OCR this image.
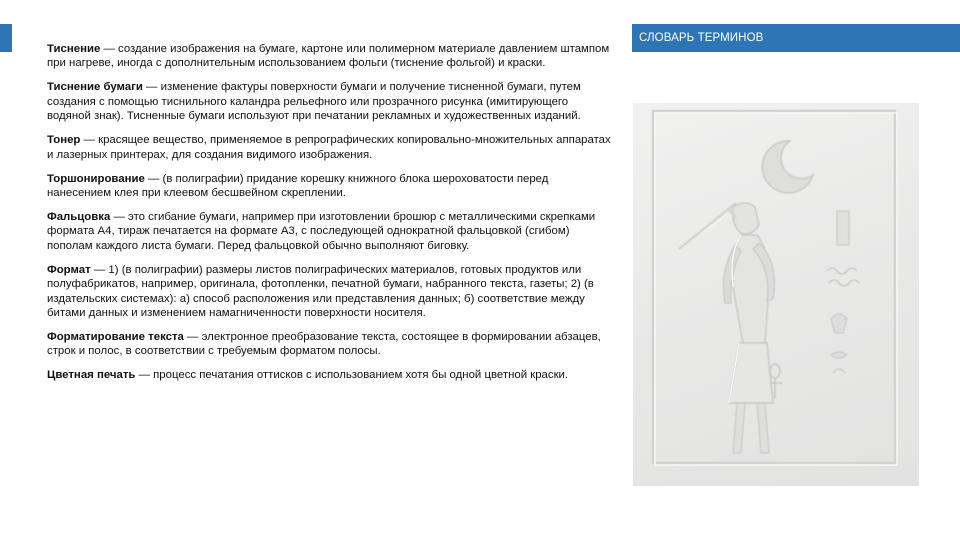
Тиснение — создание изображения на бумаге, картоне или полимерном материале давлением штампом при нагреве, иногда с дополнительным использованием фольги (тиснение фольгой) и краски.

Тиснение бумаги — изменение фактуры поверхности бумаги и получение тисненной бумаги, путем создания с помощью тиснильного каландра рельефного или прозрачного рисунка (имитирующего водяной знак). Тисненные бумаги используют при печатании рекламных и художественных изданий.

Тонер — красящее вещество, применяемое в репрографических копировально-множительных аппаратах и лазерных принтерах, для создания видимого изображения.

Торшонирование — (в полиграфии) придание корешку книжного блока шероховатости перед нанесением клея при клеевом бесшвейном скреплении.

Фальцовка — это сгибание бумаги, например при изготовлении брошюр с металлическими скрепками формата А4, тираж печатается на формате А3, с последующей однократной фальцовкой (сгибом) пополам каждого листа бумаги. Перед фальцовкой обычно выполняют биговку.

Формат — 1) (в полиграфии) размеры листов полиграфических материалов, готовых продуктов или полуфабрикатов, например, оригинала, фотопленки, печатной бумаги, набранного текста, газеты; 2) (в издательских системах): а) способ расположения или представления данных; б) соответствие между битами данных и изменением намагниченности поверхности носителя.

Форматирование текста — электронное преобразование текста, состоящее в формировании абзацев, строк и полос, в соответствии с требуемым форматом полосы.

Цветная печать — процесс печатания оттисков с использованием хотя бы одной цветной краски.

СЛОВАРЬ ТЕРМИНОВ
